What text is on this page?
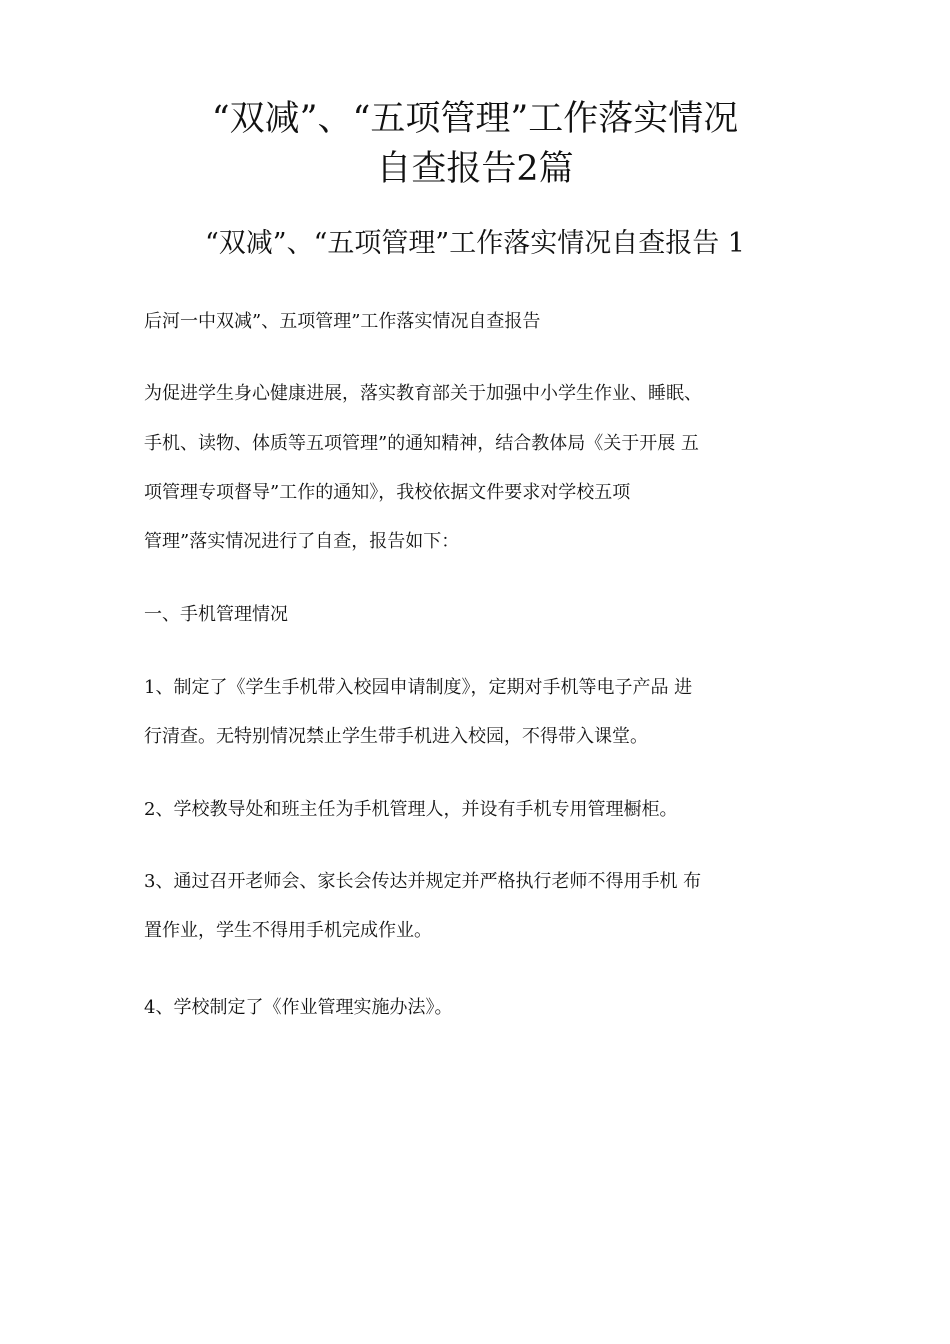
“双减”、“五项管理”工作落实情况
自查报告2篇
“双减”、“五项管理”工作落实情况自查报告 1

后河一中双减”、五项管理”工作落实情况自查报告

为促进学生身心健康进展，落实教育部关于加强中小学生作业、睡眠、

手机、读物、体质等五项管理”的通知精神，结合教体局《关于开展 五

项管理专项督导”工作的通知》，我校依据文件要求对学校五项

管理”落实情况进行了自查，报告如下：

一、手机管理情况

1、制定了《学生手机带入校园申请制度》，定期对手机等电子产品 进

行清查。无特别情况禁止学生带手机进入校园，不得带入课堂。

2、学校教导处和班主任为手机管理人，并设有手机专用管理橱柜。

3、通过召开老师会、家长会传达并规定并严格执行老师不得用手机 布

置作业，学生不得用手机完成作业。

4、学校制定了《作业管理实施办法》。
